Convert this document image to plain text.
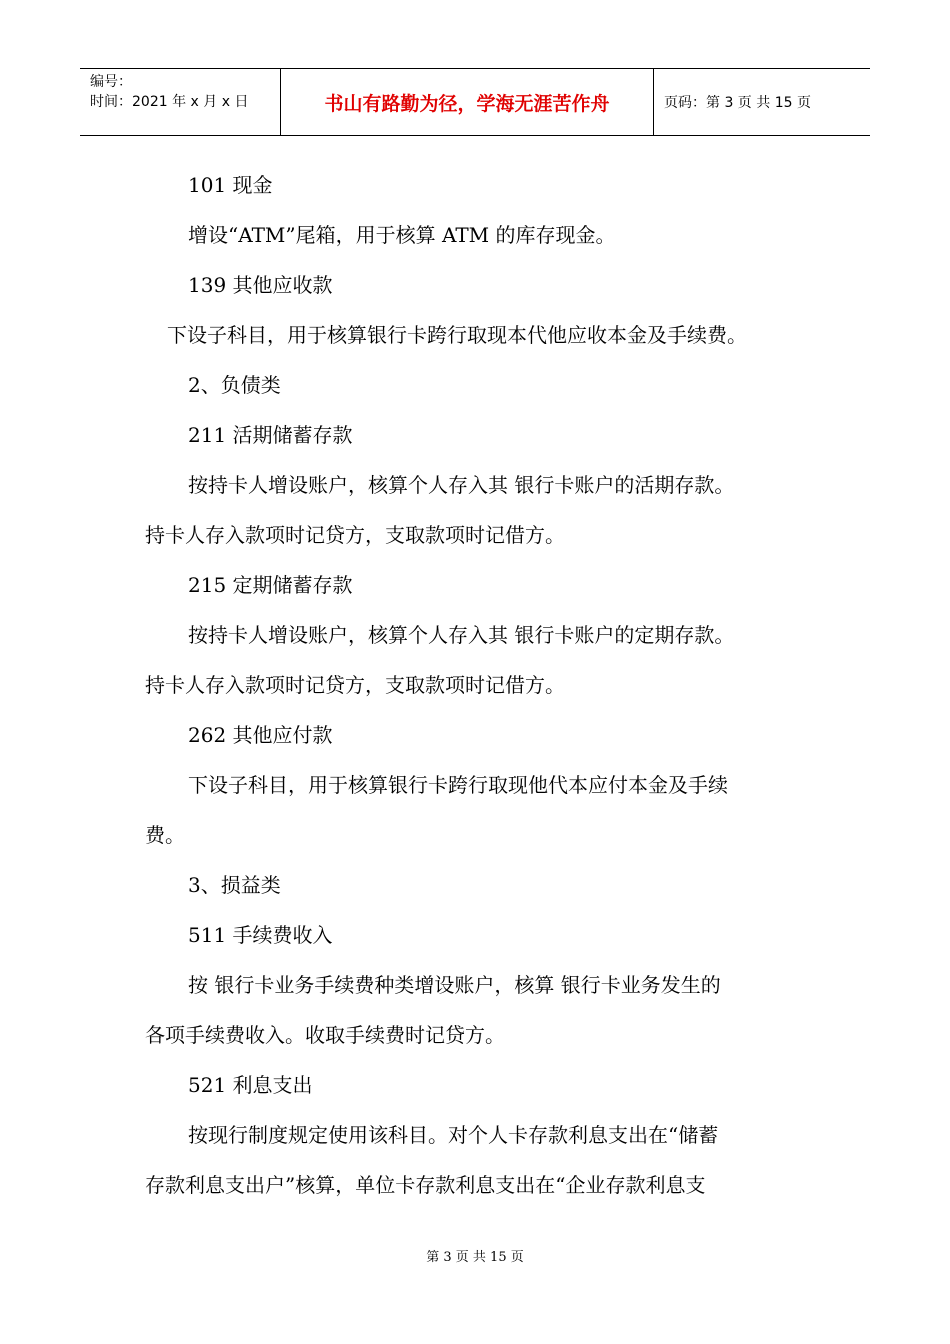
编号：
时间：2021 年 x 月 x 日	书山有路勤为径，学海无涯苦作舟	页码：第 3 页 共 15 页

101 现金

增设“ATM”尾箱，用于核算 ATM 的库存现金。

139 其他应收款

下设子科目，用于核算银行卡跨行取现本代他应收本金及手续费。

2、负债类

211 活期储蓄存款

按持卡人增设账户，核算个人存入其 银行卡账户的活期存款。

持卡人存入款项时记贷方，支取款项时记借方。

215 定期储蓄存款

按持卡人增设账户，核算个人存入其 银行卡账户的定期存款。

持卡人存入款项时记贷方，支取款项时记借方。

262 其他应付款

下设子科目，用于核算银行卡跨行取现他代本应付本金及手续

费。

3、损益类

511 手续费收入

按 银行卡业务手续费种类增设账户，核算 银行卡业务发生的

各项手续费收入。收取手续费时记贷方。

521 利息支出

按现行制度规定使用该科目。对个人卡存款利息支出在“储蓄

存款利息支出户”核算，单位卡存款利息支出在“企业存款利息支

第 3 页 共 15 页
